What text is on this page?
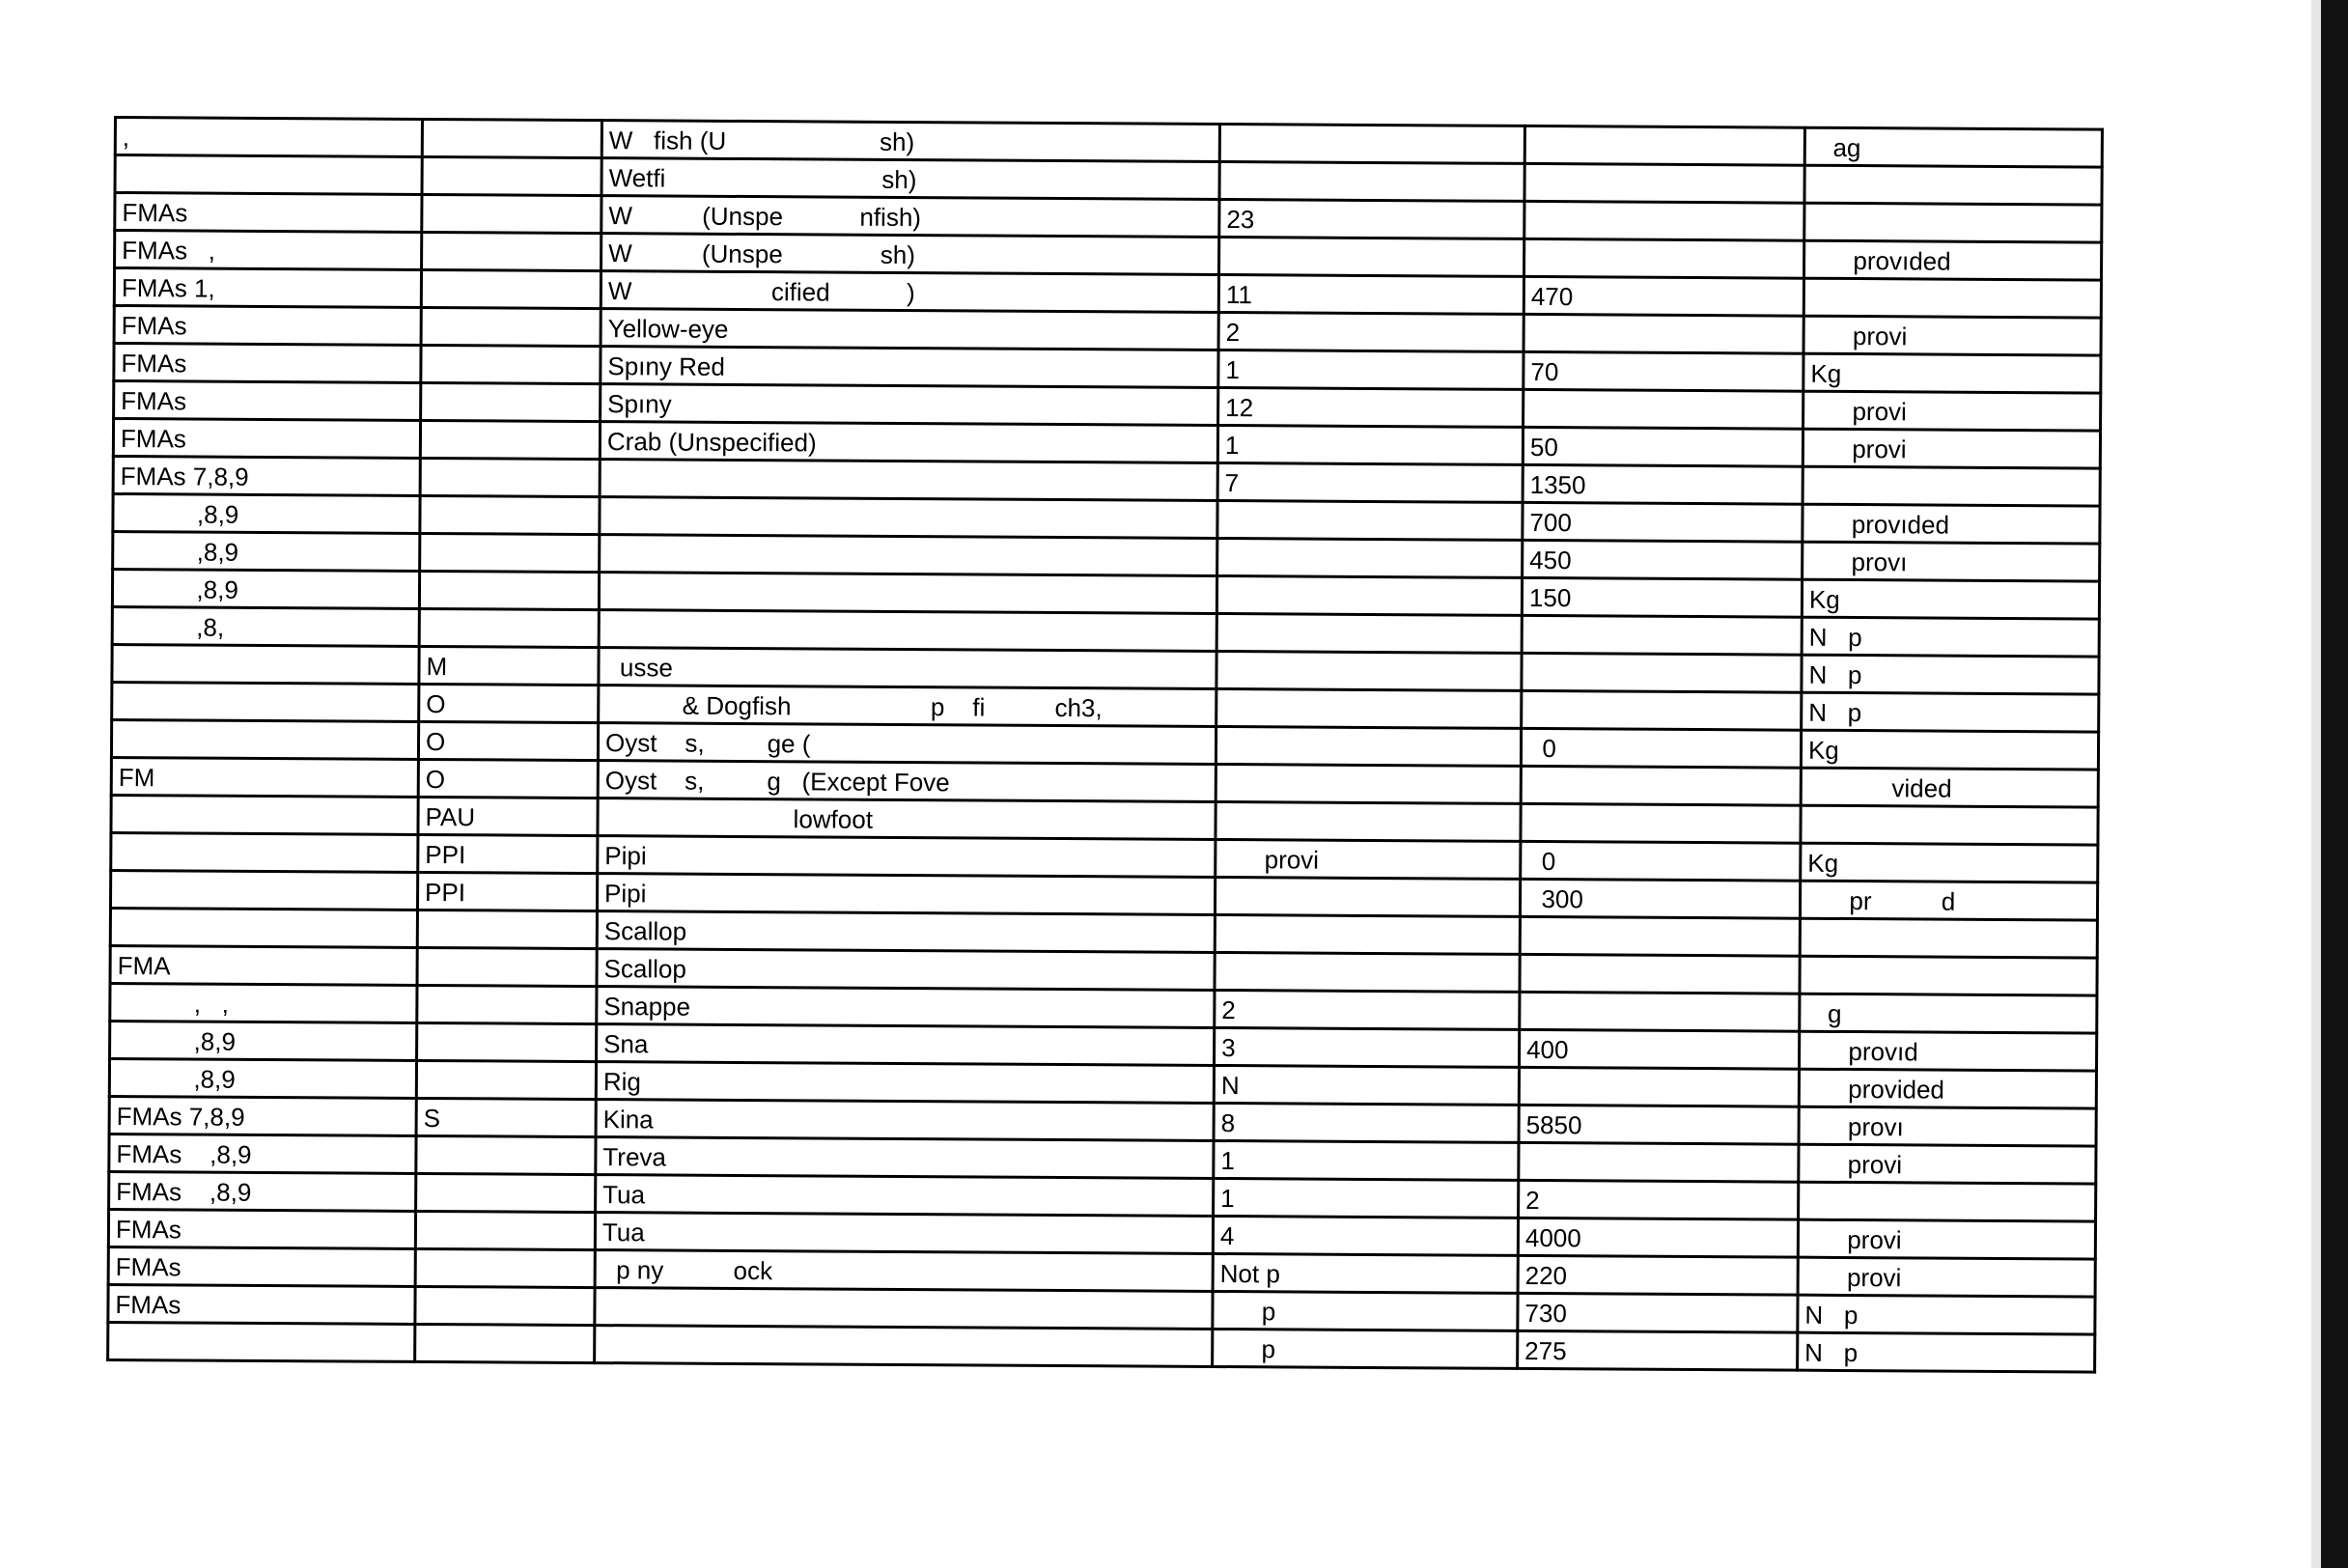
,		W   fish (U                      sh)			ag
		Wetfi                               sh)			
FMAs		W          (Unspe           nfish)	23		
FMAs   ,		W          (Unspe              sh)			provıded
FMAs 1,		W                    cified           )	11	470	
FMAs		Yellow-eye	2		provi
FMAs		Spıny Red	1	70	Kg
FMAs		Spıny	12		provi
FMAs		Crab (Unspecified)	1	50	provi
FMAs 7,8,9			7	1350	
,8,9				700	provıded
,8,9				450	provı
,8,9				150	Kg
,8,					N   p
	M	usse			N   p
	O	& Dogfish                    p    fi          ch3,			N   p
	O	Oyst    s,         ge (		0	Kg
FM	O	Oyst    s,         g   (Except Fove			vided
	PAU	lowfoot			
	PPI	Pipi	provi	0	Kg
	PPI	Pipi		300	pr          d
		Scallop			
FMA		Scallop			
,   ,		Snappe	2		g
,8,9		Sna	3	400	provıd
,8,9		Rig	N		provided
FMAs 7,8,9	S	Kina	8	5850	provı
FMAs    ,8,9		Treva	1		provi
FMAs    ,8,9		Tua	1	2	
FMAs		Tua	4	4000	provi
FMAs		p ny          ock	Not p	220	provi
FMAs			p	730	N   p
			p	275	N   p
